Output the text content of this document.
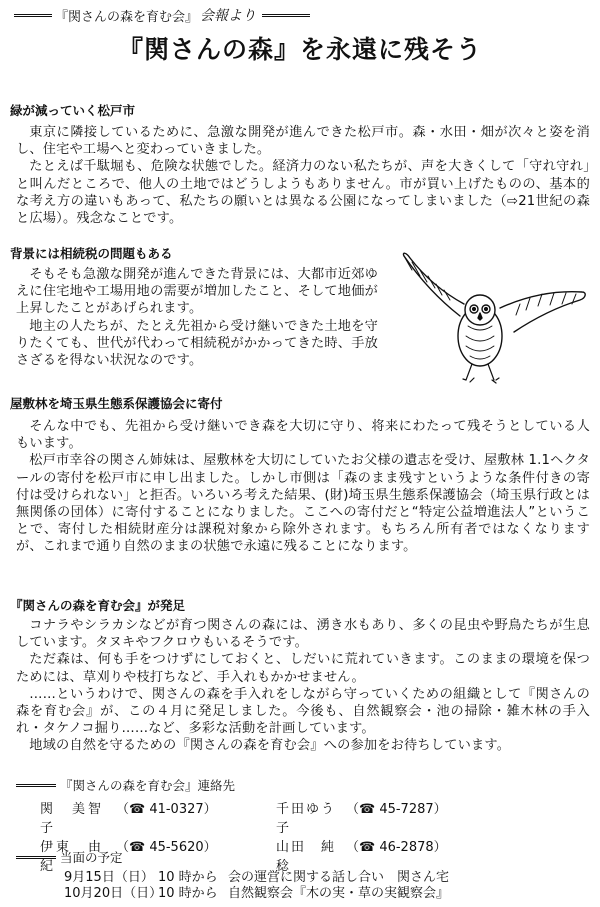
『関さんの森を育む会』 会報より
『関さんの森』を永遠に残そう
緑が減っていく松戸市

東京に隣接しているために、急激な開発が進んできた松戸市。森・水田・畑が次々と姿を消し、住宅や工場へと変わっていきました。

たとえば千駄堀も、危険な状態でした。経済力のない私たちが、声を大きくして「守れ守れ」と叫んだところで、他人の土地ではどうしようもありません。市が買い上げたものの、基本的な考え方の違いもあって、私たちの願いとは異なる公園になってしまいました（⇨21世紀の森と広場）。残念なことです。

背景には相続税の問題もある

そもそも急激な開発が進んできた背景には、大都市近郊ゆえに住宅地や工場用地の需要が増加したこと、そして地価が上昇したことがあげられます。

地主の人たちが、たとえ先祖から受け継いできた土地を守りたくても、世代が代わって相続税がかかってきた時、手放さざるを得ない状況なのです。

屋敷林を埼玉県生態系保護協会に寄付

そんな中でも、先祖から受け継いでき森を大切に守り、将来にわたって残そうとしている人もいます。

松戸市幸谷の関さん姉妹は、屋敷林を大切にしていたお父様の遺志を受け、屋敷林 1.1ヘクタールの寄付を松戸市に申し出ました。しかし市側は「森のまま残すというような条件付きの寄付は受けられない」と拒否。いろいろ考えた結果、(財)埼玉県生態系保護協会（埼玉県行政とは無関係の団体）に寄付することになりました。ここへの寄付だと“特定公益増進法人”ということで、寄付した相続財産分は課税対象から除外されます。もちろん所有者ではなくなりますが、これまで通り自然のままの状態で永遠に残ることになります。

『関さんの森を育む会』が発足

コナラやシラカシなどが育つ関さんの森には、湧き水もあり、多くの昆虫や野鳥たちが生息しています。タヌキやフクロウもいるそうです。

ただ森は、何も手をつけずにしておくと、しだいに荒れていきます。このままの環境を保つためには、草刈りや枝打ちなど、手入れもかかせません。

……というわけで、関さんの森を手入れをしながら守っていくための組織として『関さんの森を育む会』が、この４月に発足しました。今後も、自然観察会・池の掃除・雑木林の手入れ・タケノコ掘り……など、多彩な活動を計画しています。

地域の自然を守るための『関さんの森を育む会』への参加をお待ちしています。

『関さんの森を育む会』連絡先
関　美智子
（☎ 41-0327）	千田ゆう子
（☎ 45-7287）
伊東　由紀
（☎ 45-5620）	山田　純稔
（☎ 46-2878）
当面の予定
9月15日（日） 10 時から 会の運営に関する話し合い　関さん宅
10月20日（日）
10 時から 自然観察会『木の実・草の実観察会』
